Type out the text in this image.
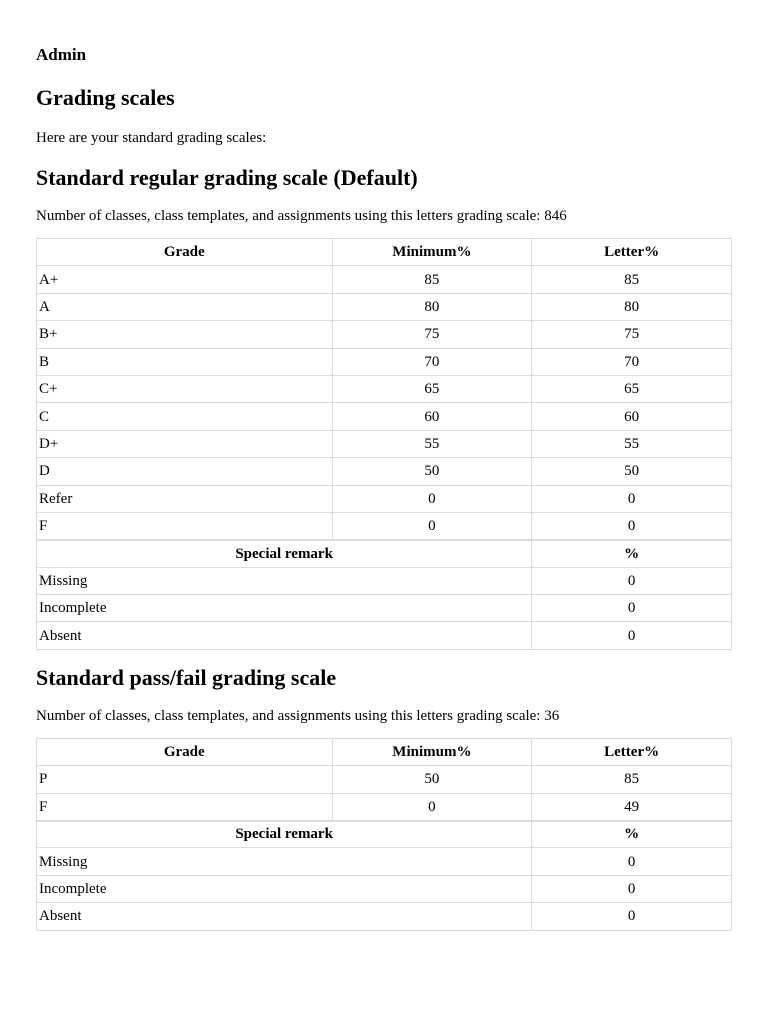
Admin
Grading scales

Here are your standard grading scales:

Standard regular grading scale (Default)

Number of classes, class templates, and assignments using this letters grading scale: 846

Grade	Minimum%	Letter%
A+	85	85
A	80	80
B+	75	75
B	70	70
C+	65	65
C	60	60
D+	55	55
D	50	50
Refer	0	0
F	0	0
Special remark		%
Missing		0
Incomplete		0
Absent		0
Standard pass/fail grading scale

Number of classes, class templates, and assignments using this letters grading scale: 36

Grade	Minimum%	Letter%
P	50	85
F	0	49
Special remark		%
Missing		0
Incomplete		0
Absent		0
